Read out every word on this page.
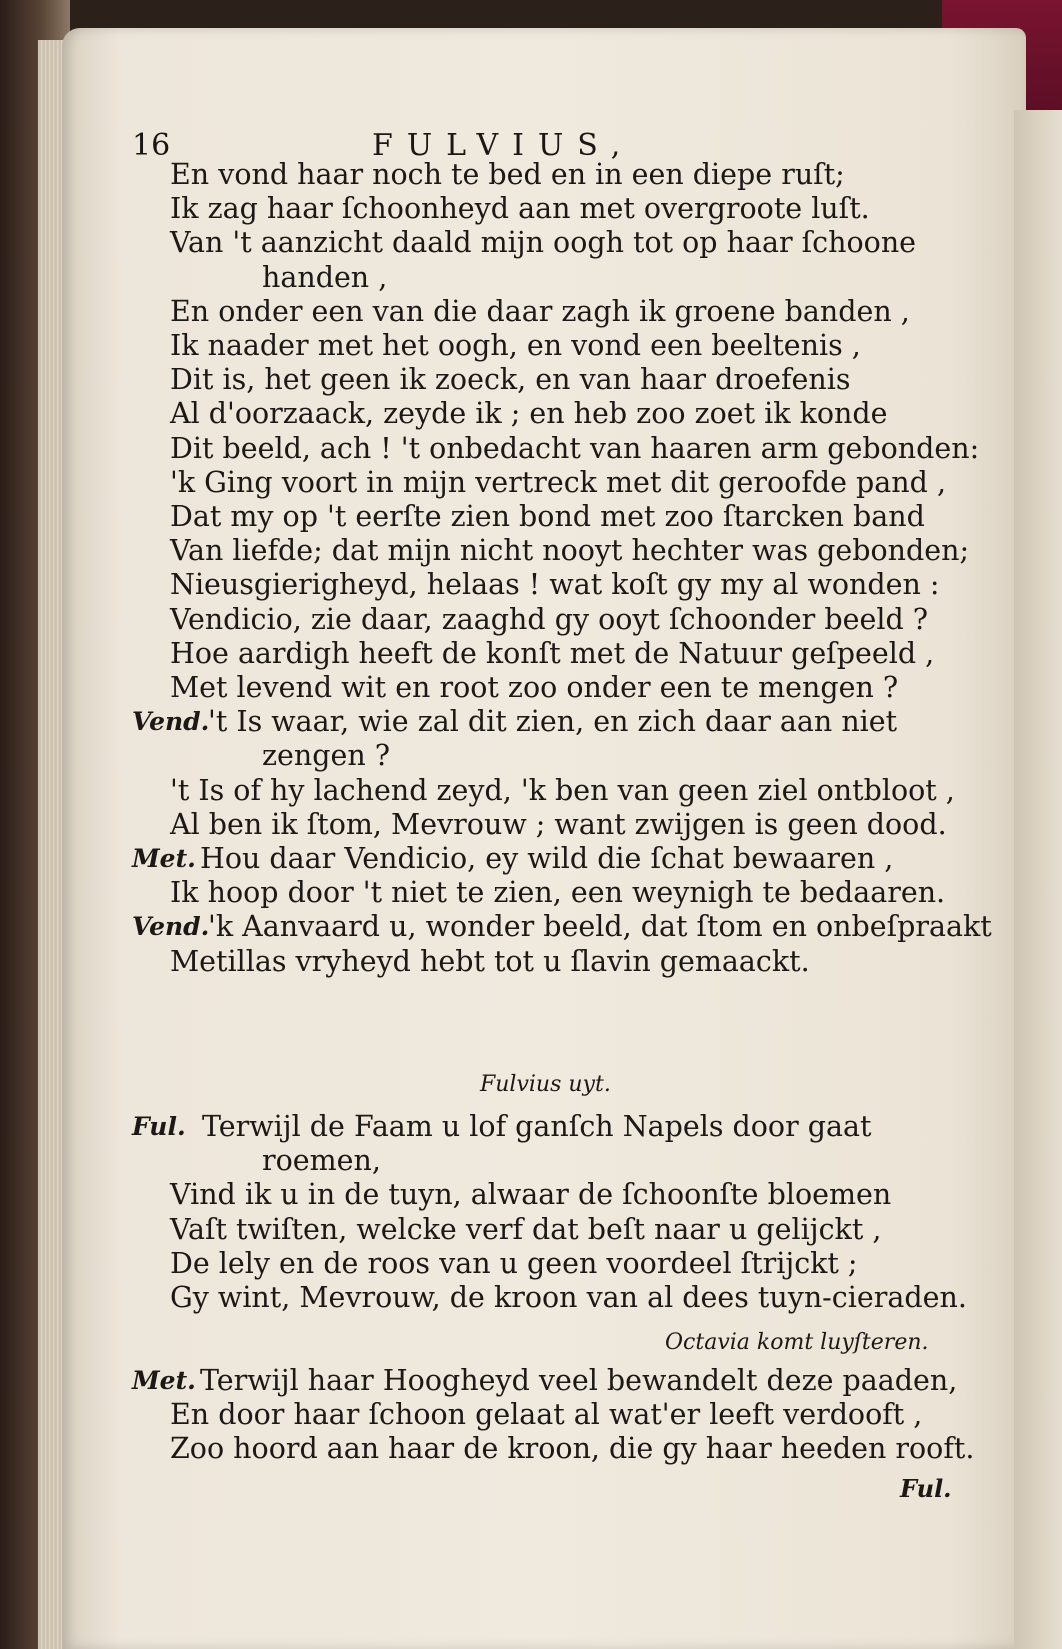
16	FULVIUS,
En vond haar noch te bed en in een diepe ruſt;
Ik zag haar ſchoonheyd aan met overgroote luſt.
Van 't aanzicht daald mijn oogh tot op haar ſchoone
handen ,
En onder een van die daar zagh ik groene banden ,
Ik naader met het oogh, en vond een beeltenis ,
Dit is, het geen ik zoeck, en van haar droefenis
Al d'oorzaack, zeyde ik ; en heb zoo zoet ik konde
Dit beeld, ach ! 't onbedacht van haaren arm gebonden:
'k Ging voort in mijn vertreck met dit geroofde pand ,
Dat my op 't eerſte zien bond met zoo ſtarcken band
Van liefde; dat mijn nicht nooyt hechter was gebonden;
Nieusgierigheyd, helaas ! wat koſt gy my al wonden :
Vendicio, zie daar, zaaghd gy ooyt ſchoonder beeld ?
Hoe aardigh heeft de konſt met de Natuur geſpeeld ,
Met levend wit en root zoo onder een te mengen ?
Vend.
't Is waar, wie zal dit zien, en zich daar aan niet
zengen ?
't Is of hy lachend zeyd, 'k ben van geen ziel ontbloot ,
Al ben ik ſtom, Mevrouw ; want zwijgen is geen dood.
Met. Hou daar Vendicio, ey wild die ſchat bewaaren ,
Ik hoop door 't niet te zien, een weynigh te bedaaren.
Vend.
'k Aanvaard u, wonder beeld, dat ſtom en onbeſpraakt
Metillas vryheyd hebt tot u ſlavin gemaackt.
Fulvius uyt.
Ful. Terwijl de Faam u lof ganſch Napels door gaat
roemen,
Vind ik u in de tuyn, alwaar de ſchoonſte bloemen
Vaſt twiſten, welcke verf dat beſt naar u gelijckt ,
De lely en de roos van u geen voordeel ſtrijckt ;
Gy wint, Mevrouw, de kroon van al dees tuyn-cieraden.
Octavia komt luyſteren.
Met. Terwijl haar Hoogheyd veel bewandelt deze paaden,
En door haar ſchoon gelaat al wat'er leeft verdooft ,
Zoo hoord aan haar de kroon, die gy haar heeden rooft.
Ful.
